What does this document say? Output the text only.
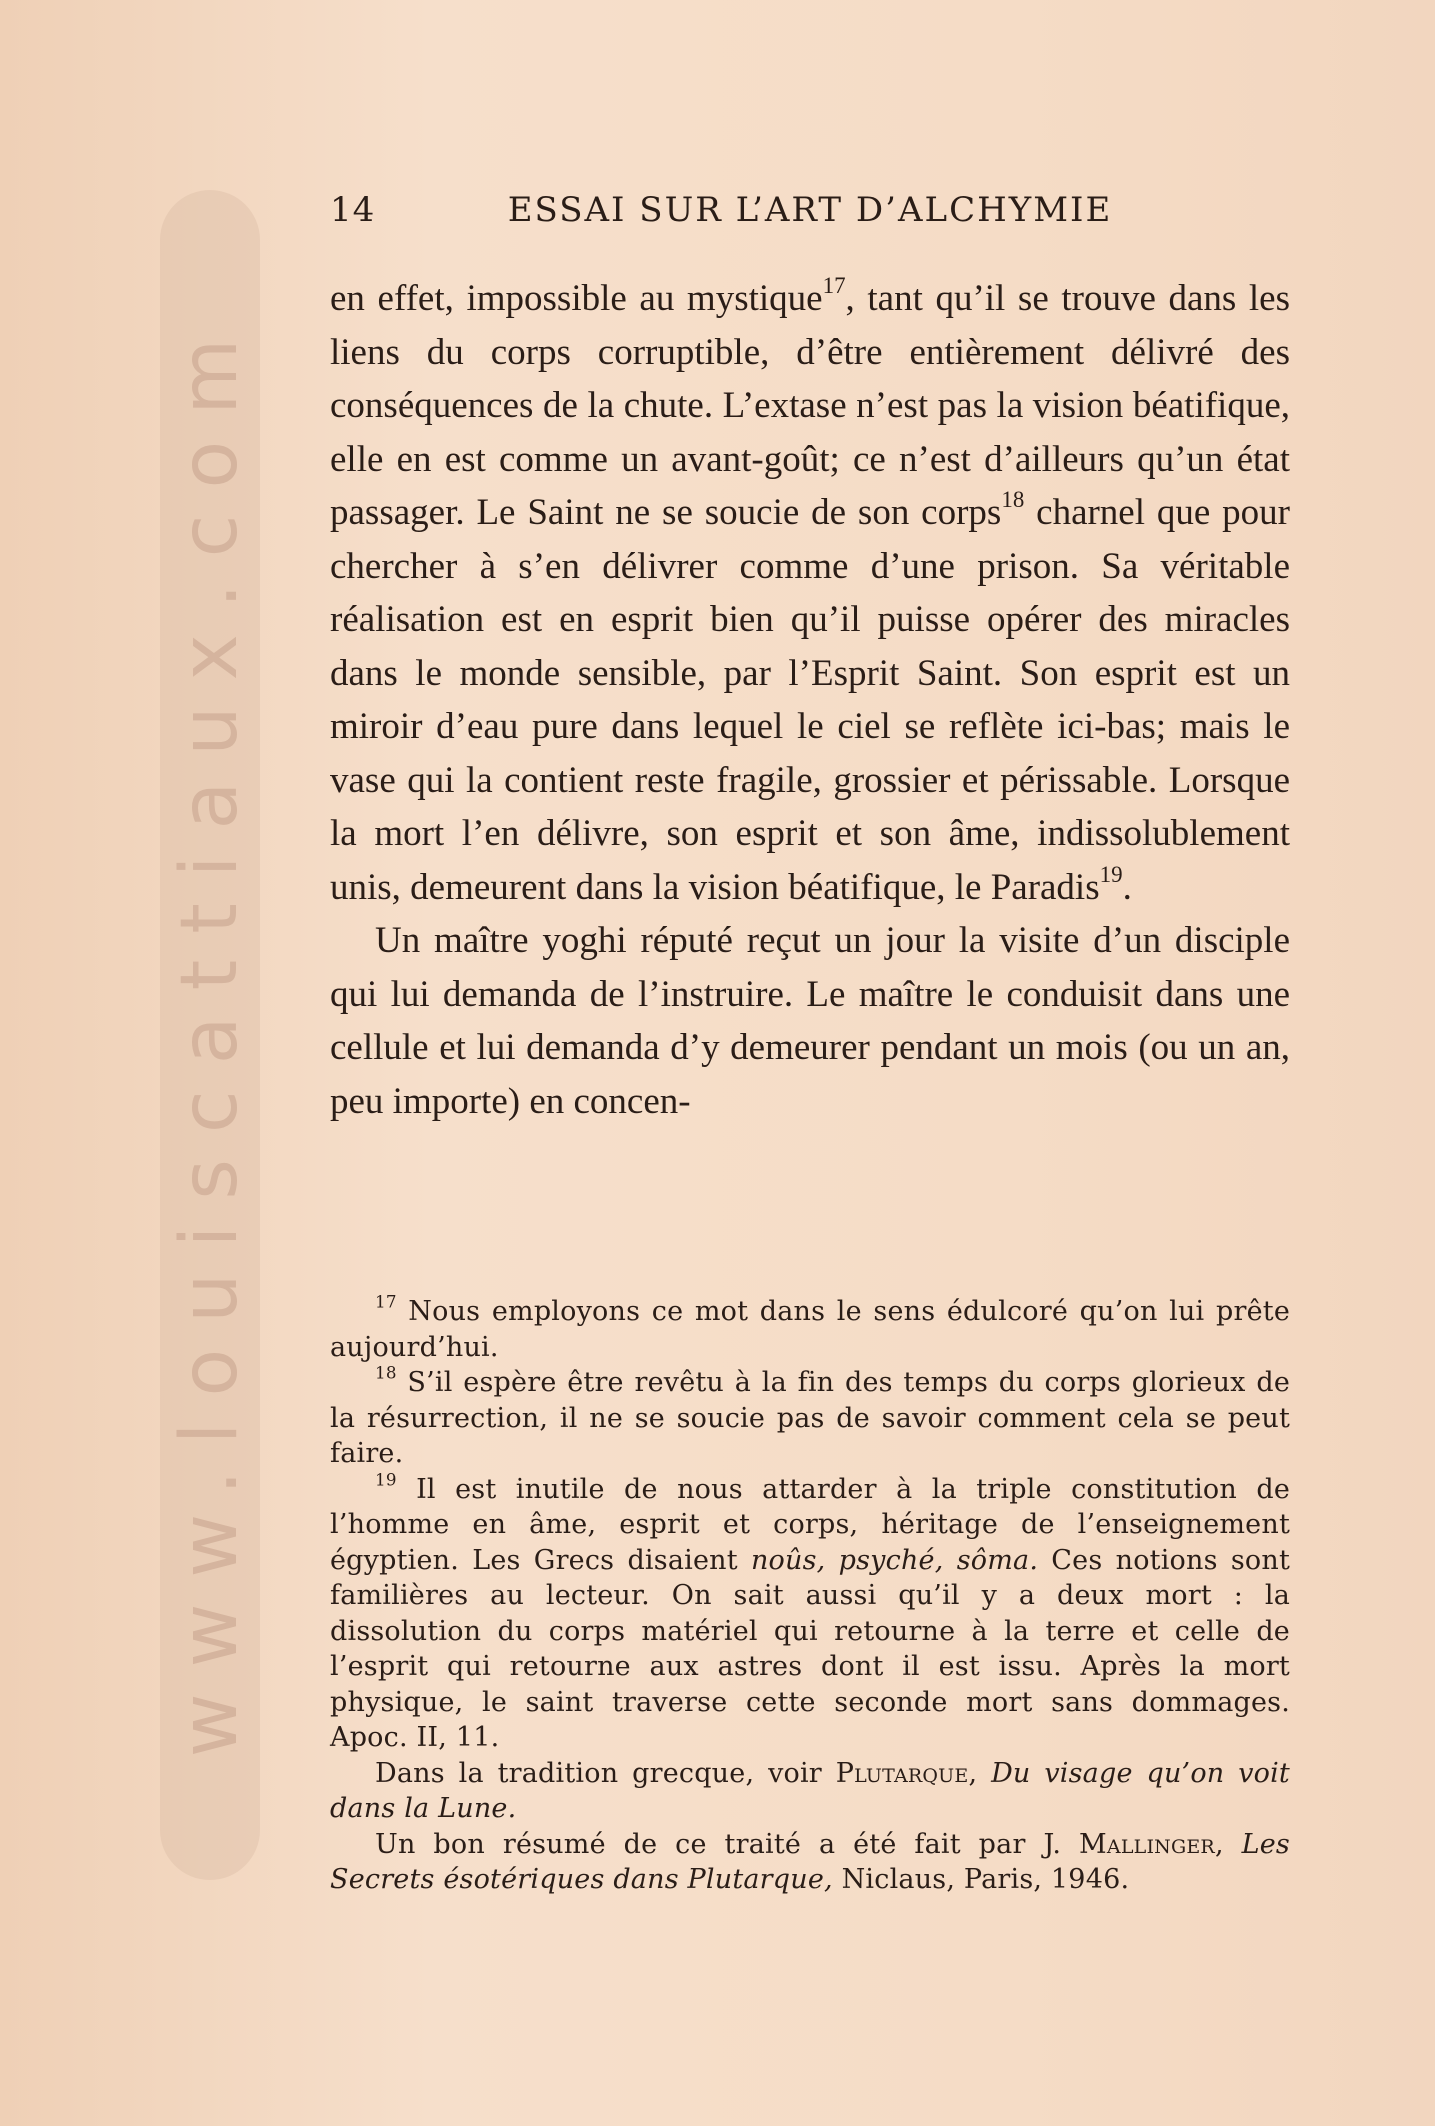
www.louiscattiaux.com
14	ESSAI SUR L’ART D’ALCHYMIE

en effet, impossible au mystique$^{17}$, tant qu’il se trouve dans les liens du corps corruptible, d’être entièrement délivré des conséquences de la chute. L’extase n’est pas la vision béatifique, elle en est comme un avant-goût; ce n’est d’ailleurs qu’un état passager. Le Saint ne se soucie de son corps$^{18}$ charnel que pour chercher à s’en délivrer comme d’une prison. Sa véritable réalisation est en esprit bien qu’il puisse opérer des miracles dans le monde sensible, par l’Esprit Saint. Son esprit est un miroir d’eau pure dans lequel le ciel se reflète ici-bas; mais le vase qui la contient reste fragile, grossier et périssable. Lorsque la mort l’en délivre, son esprit et son âme, indissolublement unis, demeurent dans la vision béatifique, le Paradis$^{19}$.

Un maître yoghi réputé reçut un jour la visite d’un disciple qui lui demanda de l’instruire. Le maître le conduisit dans une cellule et lui demanda d’y demeurer pendant un mois (ou un an, peu importe) en concen-

$^{17}$ Nous employons ce mot dans le sens édulcoré qu’on lui prête aujourd’hui.

$^{18}$ S’il espère être revêtu à la fin des temps du corps glorieux de la résurrection, il ne se soucie pas de savoir comment cela se peut faire.

$^{19}$ Il est inutile de nous attarder à la triple constitution de l’homme en âme, esprit et corps, héritage de l’enseignement égyptien. Les Grecs disaient noûs, psyché, sôma. Ces notions sont familières au lecteur. On sait aussi qu’il y a deux mort : la dissolution du corps matériel qui retourne à la terre et celle de l’esprit qui retourne aux astres dont il est issu. Après la mort physique, le saint traverse cette seconde mort sans dommages. Apoc. II, 11.

Dans la tradition grecque, voir Plutarque, Du visage qu’on voit dans la Lune.

Un bon résumé de ce traité a été fait par J. Mallinger, Les Secrets ésotériques dans Plutarque, Niclaus, Paris, 1946.
